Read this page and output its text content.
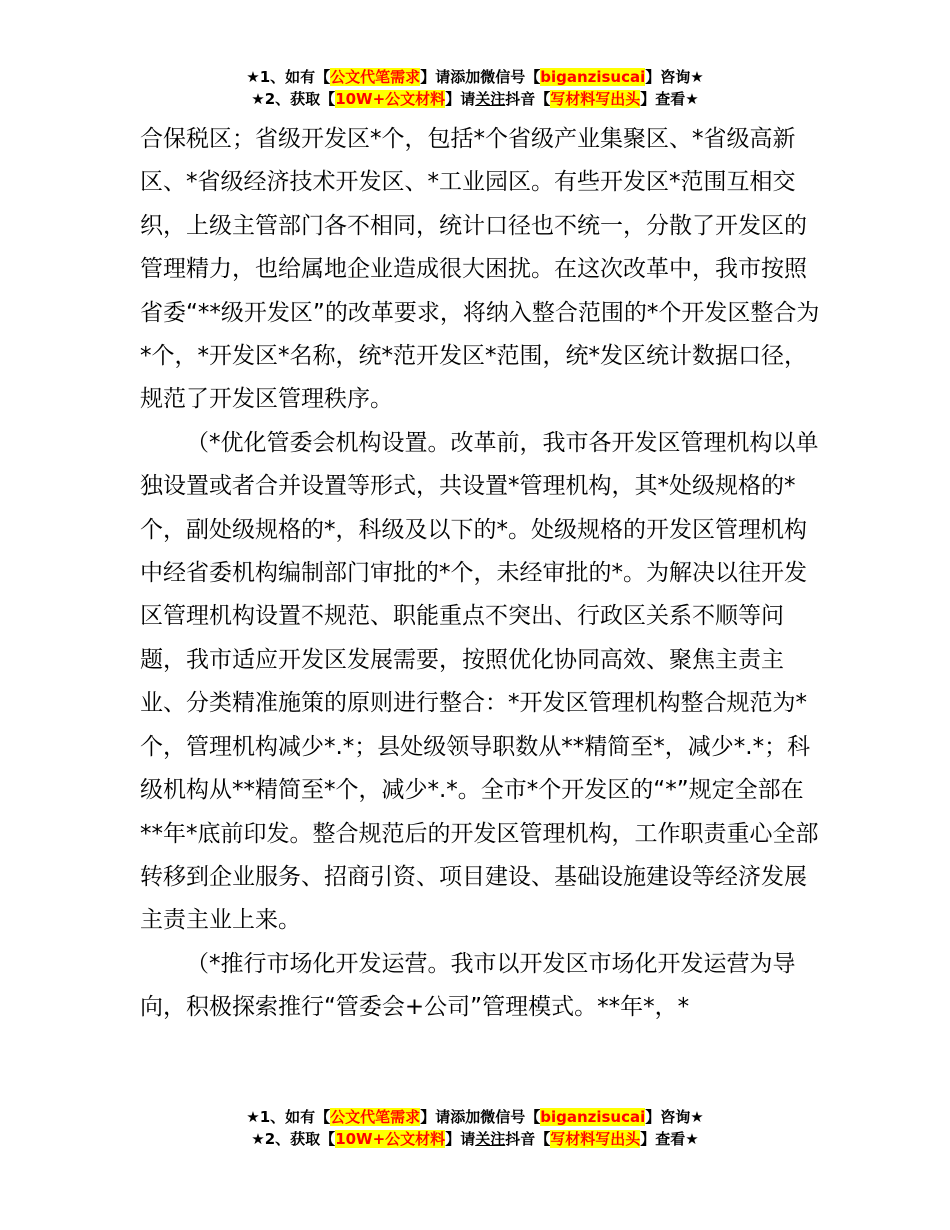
★1、如有【公文代笔需求】请添加微信号【biganzisucai】咨询★
★2、获取【10W+公文材料】请关注抖音【写材料写出头】查看★

合保税区；省级开发区*个，包括*个省级产业集聚区、*省级高新区、*省级经济技术开发区、*工业园区。有些开发区*范围互相交织，上级主管部门各不相同，统计口径也不统一，分散了开发区的管理精力，也给属地企业造成很大困扰。在这次改革中，我市按照省委“**级开发区”的改革要求，将纳入整合范围的*个开发区整合为*个，*开发区*名称，统*范开发区*范围，统*发区统计数据口径，规范了开发区管理秩序。

（*优化管委会机构设置。改革前，我市各开发区管理机构以单独设置或者合并设置等形式，共设置*管理机构，其*处级规格的*个，副处级规格的*，科级及以下的*。处级规格的开发区管理机构中经省委机构编制部门审批的*个，未经审批的*。为解决以往开发区管理机构设置不规范、职能重点不突出、行政区关系不顺等问题，我市适应开发区发展需要，按照优化协同高效、聚焦主责主业、分类精准施策的原则进行整合：*开发区管理机构整合规范为*个，管理机构减少*.*；县处级领导职数从**精简至*，减少*.*；科级机构从**精简至*个，减少*.*。全市*个开发区的“*”规定全部在**年*底前印发。整合规范后的开发区管理机构，工作职责重心全部转移到企业服务、招商引资、项目建设、基础设施建设等经济发展主责主业上来。

（*推行市场化开发运营。我市以开发区市场化开发运营为导向，积极探索推行“管委会+公司”管理模式。**年*，*

★1、如有【公文代笔需求】请添加微信号【biganzisucai】咨询★
★2、获取【10W+公文材料】请关注抖音【写材料写出头】查看★
